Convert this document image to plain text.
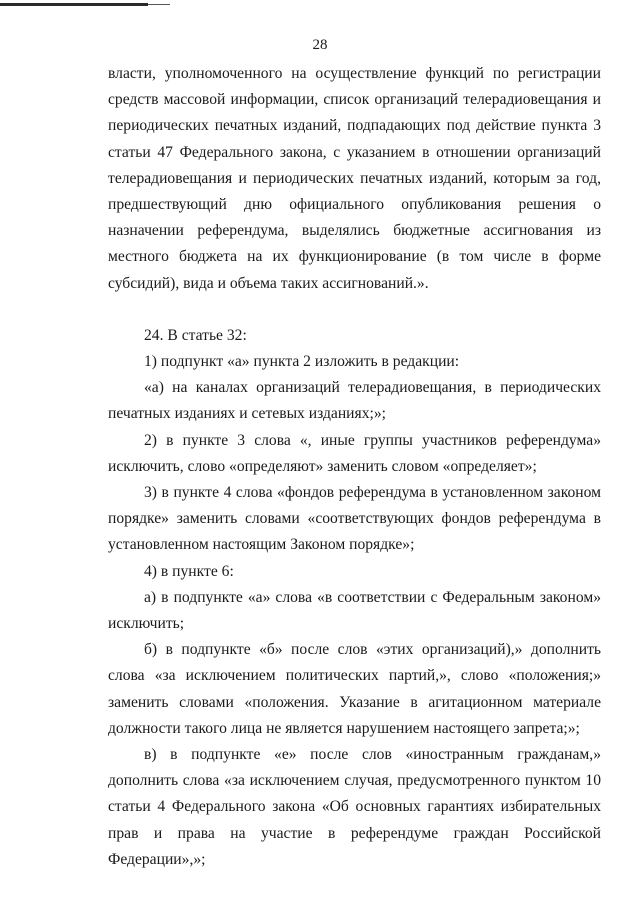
28

власти, уполномоченного на осуществление функций по регистрации средств массовой информации, список организаций телерадиовещания и периодических печатных изданий, подпадающих под действие пункта 3 статьи 47 Федерального закона, с указанием в отношении организаций телерадиовещания и периодических печатных изданий, которым за год, предшествующий дню официального опубликования решения о назначении референдума, выделялись бюджетные ассигнования из местного бюджета на их функционирование (в том числе в форме субсидий), вида и объема таких ассигнований.».

24. В статье 32:

1) подпункт «а» пункта 2 изложить в редакции:

«а) на каналах организаций телерадиовещания, в периодических печатных изданиях и сетевых изданиях;»;

2) в пункте 3 слова «, иные группы участников референдума» исключить, слово «определяют» заменить словом «определяет»;

3) в пункте 4 слова «фондов референдума в установленном законом порядке» заменить словами «соответствующих фондов референдума в установленном настоящим Законом порядке»;

4) в пункте 6:

а) в подпункте «а» слова «в соответствии с Федеральным законом» исключить;

б) в подпункте «б» после слов «этих организаций),» дополнить слова «за исключением политических партий,», слово «положения;» заменить словами «положения. Указание в агитационном материале должности такого лица не является нарушением настоящего запрета;»;

в) в подпункте «е» после слов «иностранным гражданам,» дополнить слова «за исключением случая, предусмотренного пунктом 10 статьи 4 Федерального закона «Об основных гарантиях избирательных прав и права на участие в референдуме граждан Российской Федерации»,»;
